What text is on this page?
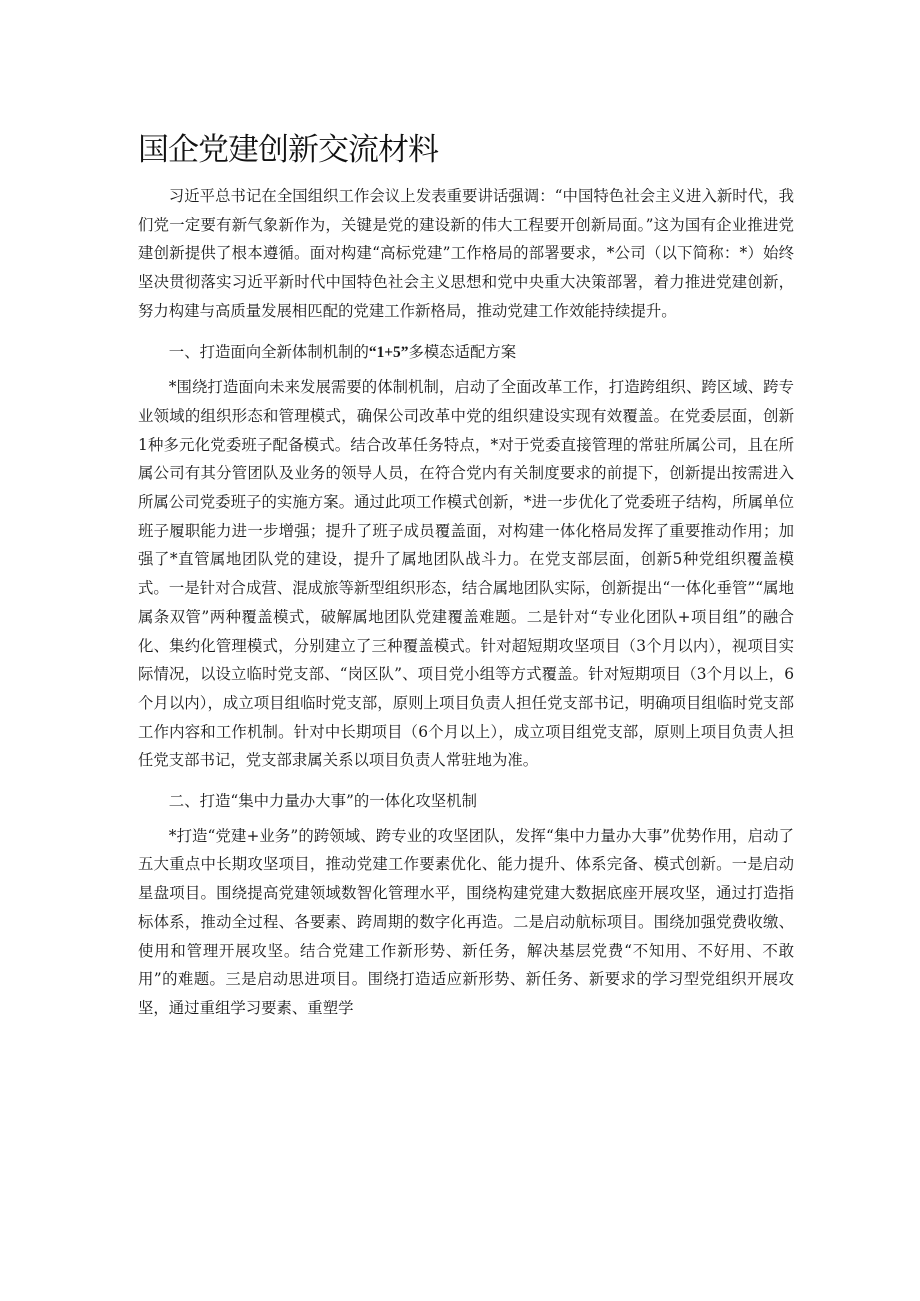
国企党建创新交流材料

习近平总书记在全国组织工作会议上发表重要讲话强调：“中国特色社会主义进入新时代，我们党一定要有新气象新作为，关键是党的建设新的伟大工程要开创新局面。”这为国有企业推进党建创新提供了根本遵循。面对构建“高标党建”工作格局的部署要求，*公司（以下简称：*）始终坚决贯彻落实习近平新时代中国特色社会主义思想和党中央重大决策部署，着力推进党建创新，努力构建与高质量发展相匹配的党建工作新格局，推动党建工作效能持续提升。

一、打造面向全新体制机制的“1+5”多模态适配方案

*围绕打造面向未来发展需要的体制机制，启动了全面改革工作，打造跨组织、跨区域、跨专业领域的组织形态和管理模式，确保公司改革中党的组织建设实现有效覆盖。在党委层面，创新1种多元化党委班子配备模式。结合改革任务特点，*对于党委直接管理的常驻所属公司，且在所属公司有其分管团队及业务的领导人员，在符合党内有关制度要求的前提下，创新提出按需进入所属公司党委班子的实施方案。通过此项工作模式创新，*进一步优化了党委班子结构，所属单位班子履职能力进一步增强；提升了班子成员覆盖面，对构建一体化格局发挥了重要推动作用；加强了*直管属地团队党的建设，提升了属地团队战斗力。在党支部层面，创新5种党组织覆盖模式。一是针对合成营、混成旅等新型组织形态，结合属地团队实际，创新提出“一体化垂管”“属地属条双管”两种覆盖模式，破解属地团队党建覆盖难题。二是针对“专业化团队+项目组”的融合化、集约化管理模式，分别建立了三种覆盖模式。针对超短期攻坚项目（3个月以内），视项目实际情况，以设立临时党支部、“岗区队”、项目党小组等方式覆盖。针对短期项目（3个月以上，6个月以内），成立项目组临时党支部，原则上项目负责人担任党支部书记，明确项目组临时党支部工作内容和工作机制。针对中长期项目（6个月以上），成立项目组党支部，原则上项目负责人担任党支部书记，党支部隶属关系以项目负责人常驻地为准。

二、打造“集中力量办大事”的一体化攻坚机制

*打造“党建+业务”的跨领域、跨专业的攻坚团队，发挥“集中力量办大事”优势作用，启动了五大重点中长期攻坚项目，推动党建工作要素优化、能力提升、体系完备、模式创新。一是启动星盘项目。围绕提高党建领域数智化管理水平，围绕构建党建大数据底座开展攻坚，通过打造指标体系，推动全过程、各要素、跨周期的数字化再造。二是启动航标项目。围绕加强党费收缴、使用和管理开展攻坚。结合党建工作新形势、新任务，解决基层党费“不知用、不好用、不敢用”的难题。三是启动思进项目。围绕打造适应新形势、新任务、新要求的学习型党组织开展攻坚，通过重组学习要素、重塑学
